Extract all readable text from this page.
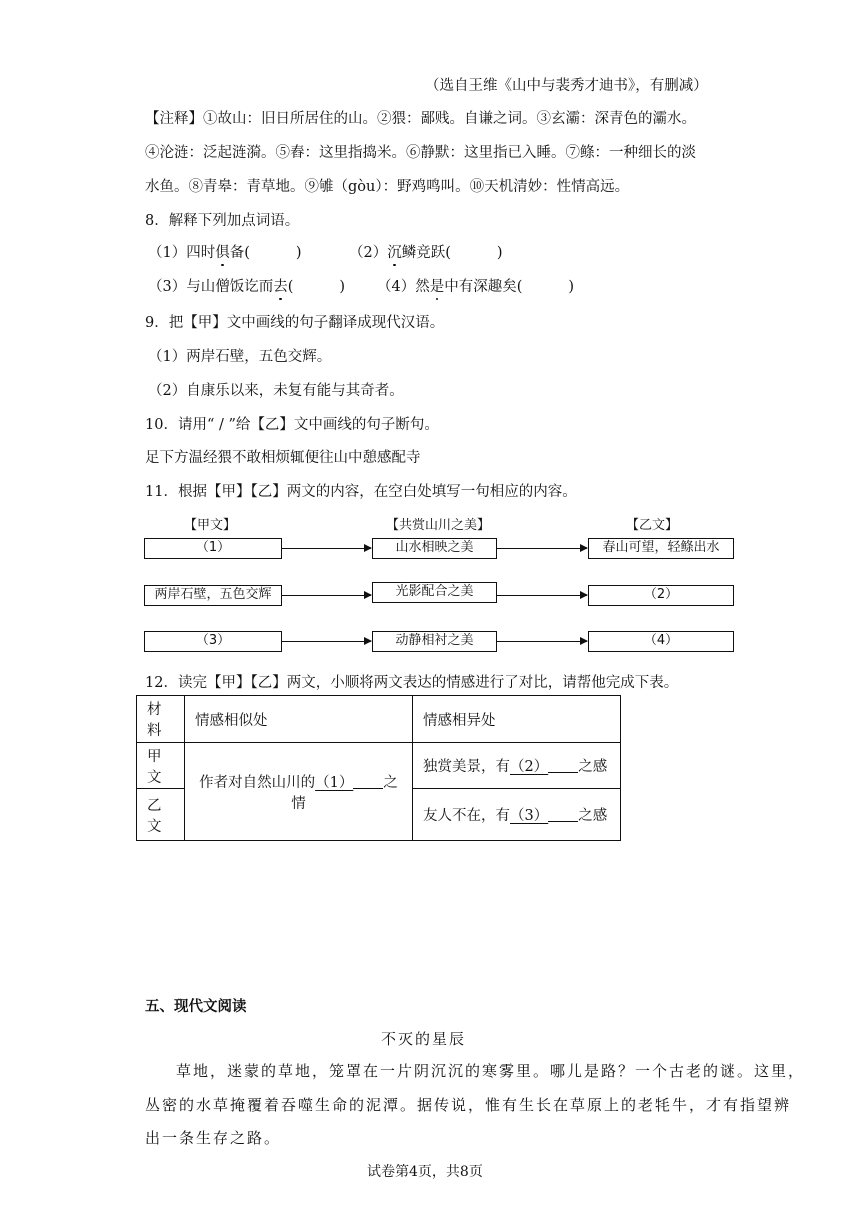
（选自王维《山中与裴秀才迪书》，有删减）
【注释】①故山：旧日所居住的山。②猥：鄙贱。自谦之词。③玄灞：深青色的灞水。
④沦涟：泛起涟漪。⑤舂：这里指捣米。⑥静默：这里指已入睡。⑦鲦：一种细长的淡
水鱼。⑧青皋：青草地。⑨雊（gòu）：野鸡鸣叫。⑩天机清妙：性情高远。
8．解释下列加点词语。
（1）四时俱备(	)	（2）沉鳞竞跃(	)
（3）与山僧饭讫而去(	) （4）然是中有深趣矣(	)
9．把【甲】文中画线的句子翻译成现代汉语。
（1）两岸石壁，五色交辉。
（2）自康乐以来，未复有能与其奇者。
10．请用“ / ”给【乙】文中画线的句子断句。
足下方温经猥不敢相烦辄便往山中憩感配寺
11．根据【甲】【乙】两文的内容，在空白处填写一句相应的内容。
【甲文】	【共赏山川之美】	【乙文】
（1）	山水相映之美	春山可望，轻鲦出水
两岸石壁，五色交辉	光影配合之美	（2）
（3）	动静相衬之美	（4）
12．读完【甲】【乙】两文，小顺将两文表达的情感进行了对比，请帮他完成下表。
材料	情感相似处	情感相异处
甲文	作者对自然山川的（1） 之情	独赏美景，有（2） 之感
乙文		友人不在，有（3） 之感
五、现代文阅读
不灭的星辰
草地，迷蒙的草地，笼罩在一片阴沉沉的寒雾里。哪儿是路？一个古老的谜。这里，
丛密的水草掩覆着吞噬生命的泥潭。据传说，惟有生长在草原上的老牦牛，才有指望辨
出一条生存之路。
试卷第4页，共8页
